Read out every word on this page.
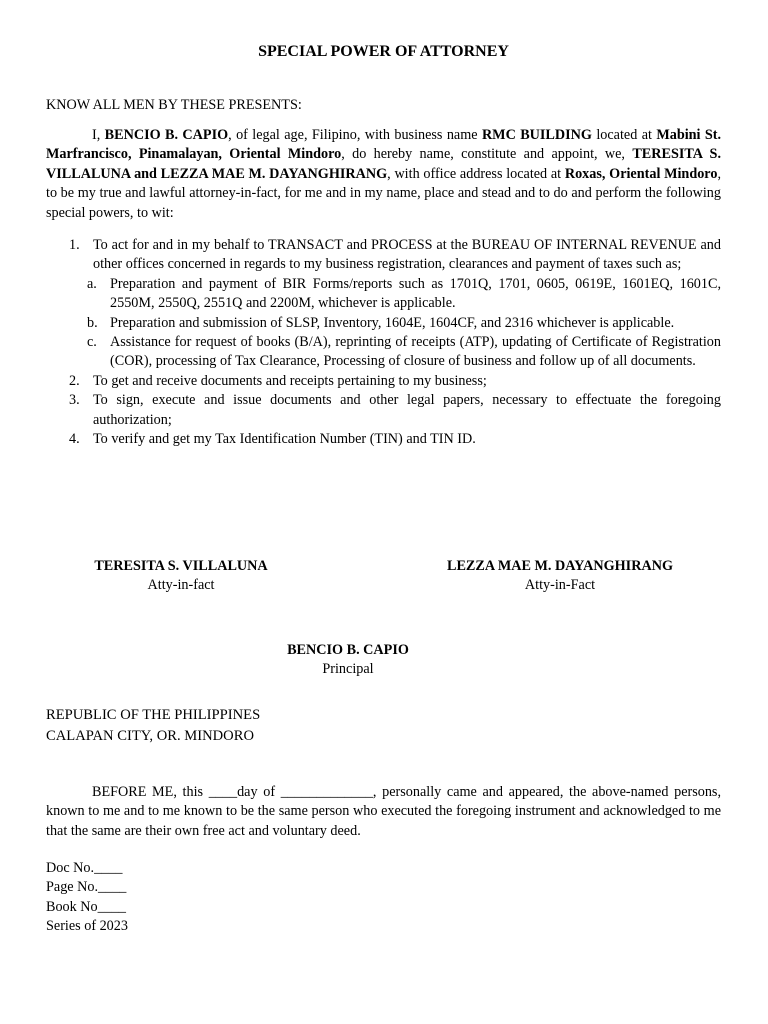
SPECIAL POWER OF ATTORNEY
KNOW ALL MEN BY THESE PRESENTS:

I, BENCIO B. CAPIO, of legal age, Filipino, with business name RMC BUILDING located at Mabini St. Marfrancisco, Pinamalayan, Oriental Mindoro, do hereby name, constitute and appoint, we, TERESITA S. VILLALUNA and LEZZA MAE M. DAYANGHIRANG, with office address located at Roxas, Oriental Mindoro, to be my true and lawful attorney-in-fact, for me and in my name, place and stead and to do and perform the following special powers, to wit:

1. To act for and in my behalf to TRANSACT and PROCESS at the BUREAU OF INTERNAL REVENUE and other offices concerned in regards to my business registration, clearances and payment of taxes such as;
a. Preparation and payment of BIR Forms/reports such as 1701Q, 1701, 0605, 0619E, 1601EQ, 1601C, 2550M, 2550Q, 2551Q and 2200M, whichever is applicable.
b. Preparation and submission of SLSP, Inventory, 1604E, 1604CF, and 2316 whichever is applicable.
c. Assistance for request of books (B/A), reprinting of receipts (ATP), updating of Certificate of Registration (COR), processing of Tax Clearance, Processing of closure of business and follow up of all documents.
2. To get and receive documents and receipts pertaining to my business;
3. To sign, execute and issue documents and other legal papers, necessary to effectuate the foregoing authorization;
4. To verify and get my Tax Identification Number (TIN) and TIN ID.
TERESITA S. VILLALUNA
Atty-in-fact
LEZZA MAE M. DAYANGHIRANG
Atty-in-Fact
BENCIO B. CAPIO
Principal
REPUBLIC OF THE PHILIPPINES
CALAPAN CITY, OR. MINDORO

BEFORE ME, this ____day of _____________, personally came and appeared, the above-named persons, known to me and to me known to be the same person who executed the foregoing instrument and acknowledged to me that the same are their own free act and voluntary deed.

Doc No.____
Page No.____
Book No____
Series of 2023
